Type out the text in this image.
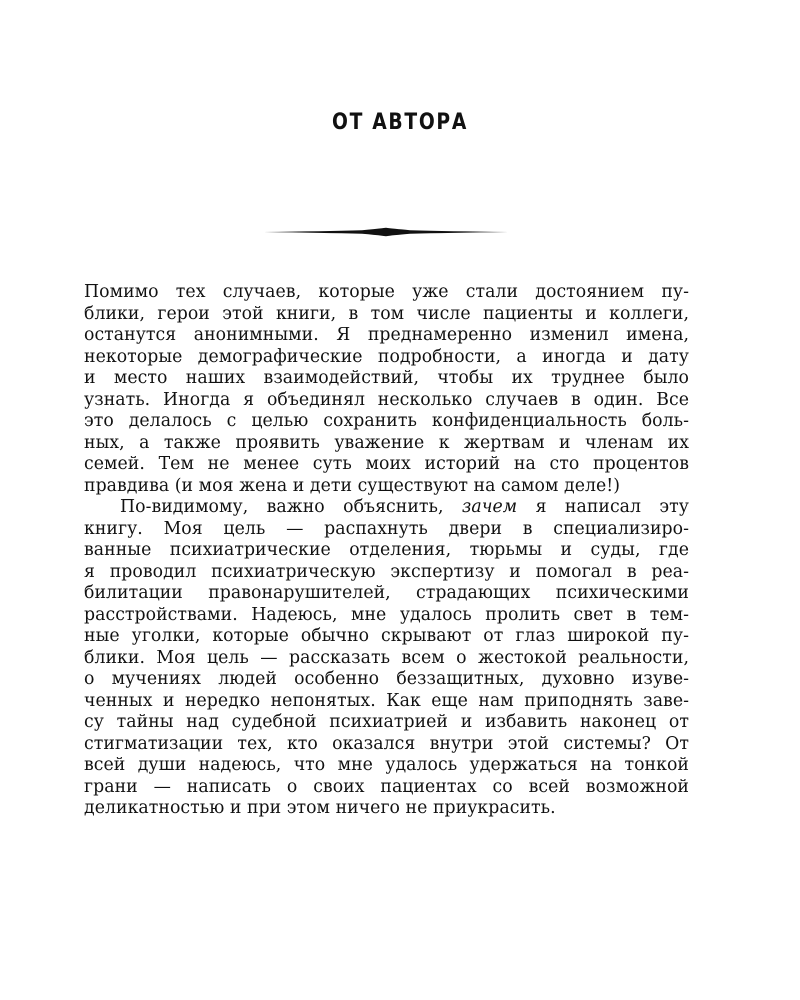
ОТ АВТОРА
Помимо тех случаев, которые уже стали достоянием пу-
блики, герои этой книги, в том числе пациенты и коллеги,
останутся анонимными. Я преднамеренно изменил имена,
некоторые демографические подробности, а иногда и дату
и место наших взаимодействий, чтобы их труднее было
узнать. Иногда я объединял несколько случаев в один. Все
это делалось с целью сохранить конфиденциальность боль-
ных, а также проявить уважение к жертвам и членам их
семей. Тем не менее суть моих историй на сто процентов
правдива (и моя жена и дети существуют на самом деле!)
По-видимому, важно объяснить, зачем я написал эту
книгу. Моя цель — распахнуть двери в специализиро-
ванные психиатрические отделения, тюрьмы и суды, где
я проводил психиатрическую экспертизу и помогал в реа-
билитации правонарушителей, страдающих психическими
расстройствами. Надеюсь, мне удалось пролить свет в тем-
ные уголки, которые обычно скрывают от глаз широкой пу-
блики. Моя цель — рассказать всем о жестокой реальности,
о мучениях людей особенно беззащитных, духовно изуве-
ченных и нередко непонятых. Как еще нам приподнять заве-
су тайны над судебной психиатрией и избавить наконец от
стигматизации тех, кто оказался внутри этой системы? От
всей души надеюсь, что мне удалось удержаться на тонкой
грани — написать о своих пациентах со всей возможной
деликатностью и при этом ничего не приукрасить.
